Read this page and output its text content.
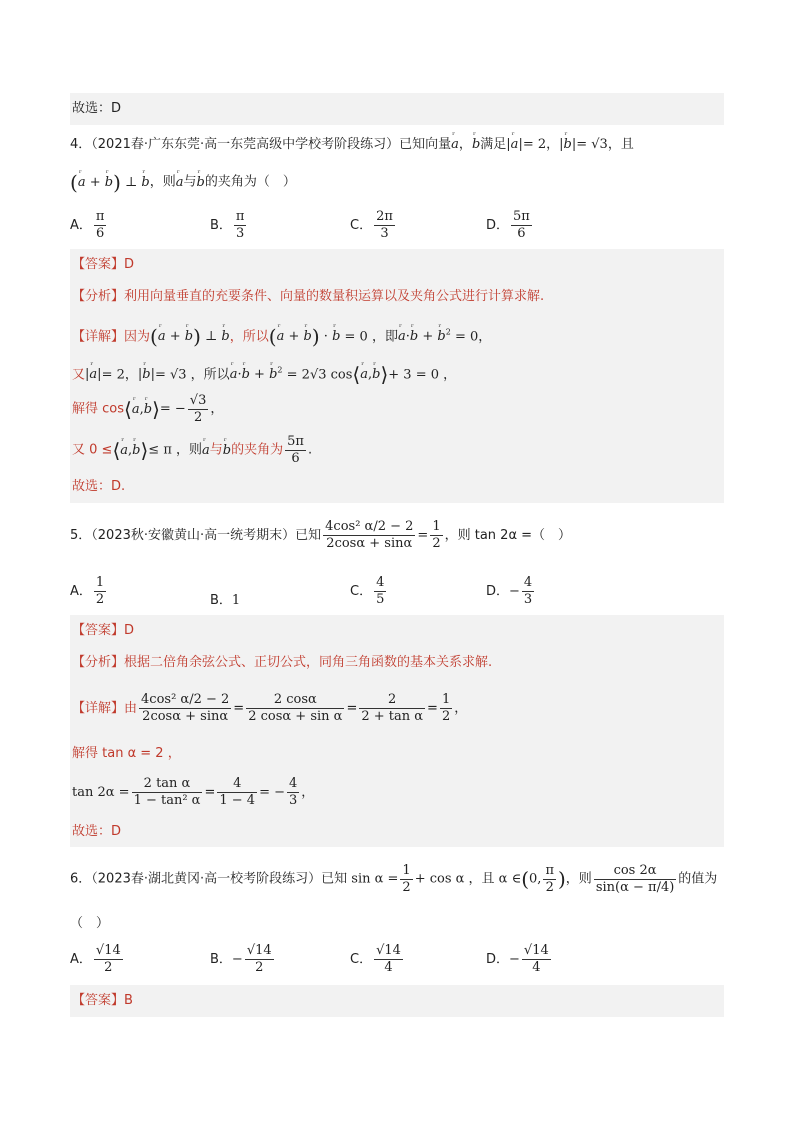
故选：D
4．（2021春·广东东莞·高一东莞高级中学校考阶段练习）已知向量ʳ a，ʳ b满足|ʳ a|= 2，|ʳ b|= √3，且
(ʳ a + ʳ b) ⊥ ʳ b，则ʳ a与ʳ b的夹角为（　）
A． $\frac{\pi}{6}$	B． $\frac{\pi}{3}$	C． $\frac{2\pi}{3}$	D． $\frac{5\pi}{6}$
【答案】D
【分析】利用向量垂直的充要条件、向量的数量积运算以及夹角公式进行计算求解.
【详解】因为(ʳ a + ʳ b) ⊥ ʳ b，所以(ʳ a + ʳ b) · ʳ b = 0 ，即ʳ a·ʳ b + ʳ $b^2 = 0$，
又|ʳ a|= 2，|ʳ b|= √3 ，所以ʳ a·ʳ b + ʳ $b^2 = 2√3$ cos⟨ʳ a,ʳ b⟩+ 3 = 0 ，
解得 cos⟨ʳ a,ʳ b⟩= − $\frac{√3}{2}$ ，
又 0 ≤⟨ʳ a,ʳ b⟩≤ π ，则ʳ a与ʳ b的夹角为 $\frac{5\pi}{6}$ .
故选：D.
5．（2023秋·安徽黄山·高一统考期末）已知 $\frac{\text{4cos² α/2 − 2}}{2\cos\alpha + \sin\alpha} = \frac{1}{2}$ ，则 tan 2α =（　）
A． $\frac{1}{2}$	B．1
C． $\frac{4}{5}$	D．− $\frac{4}{3}$
【答案】D
【分析】根据二倍角余弦公式、正切公式，同角三角函数的基本关系求解.
【详解】由 $\frac{\text{4cos² α/2 − 2}}{2\cos\alpha + \sin\alpha} = \frac{2 \cos\alpha}{\text{2 cosα + sin α}} = \frac{2}{\text{2 + tan α}} = \frac{1}{2}$ ，
解得 tan α = 2 ，
$\tan 2\alpha = \frac{\text{2 tan α}}{\text{1 − tan² α}} = \frac{4}{1 - 4}$ = − $\frac{4}{3}$ ，
故选：D
6．（2023春·湖北黄冈·高一校考阶段练习）已知 $\sin \alpha = \frac{1}{2} + \cos \alpha$ ，且 α ∈(0, $\frac{\pi}{2}$ )，则 $\frac{\cos 2\alpha}{\sin(\alpha - \pi/4)}$ 的值为
（　）
A． $\frac{√14}{2}$	B．− $\frac{√14}{2}$	C． $\frac{√14}{4}$	D．− $\frac{√14}{4}$
【答案】B
